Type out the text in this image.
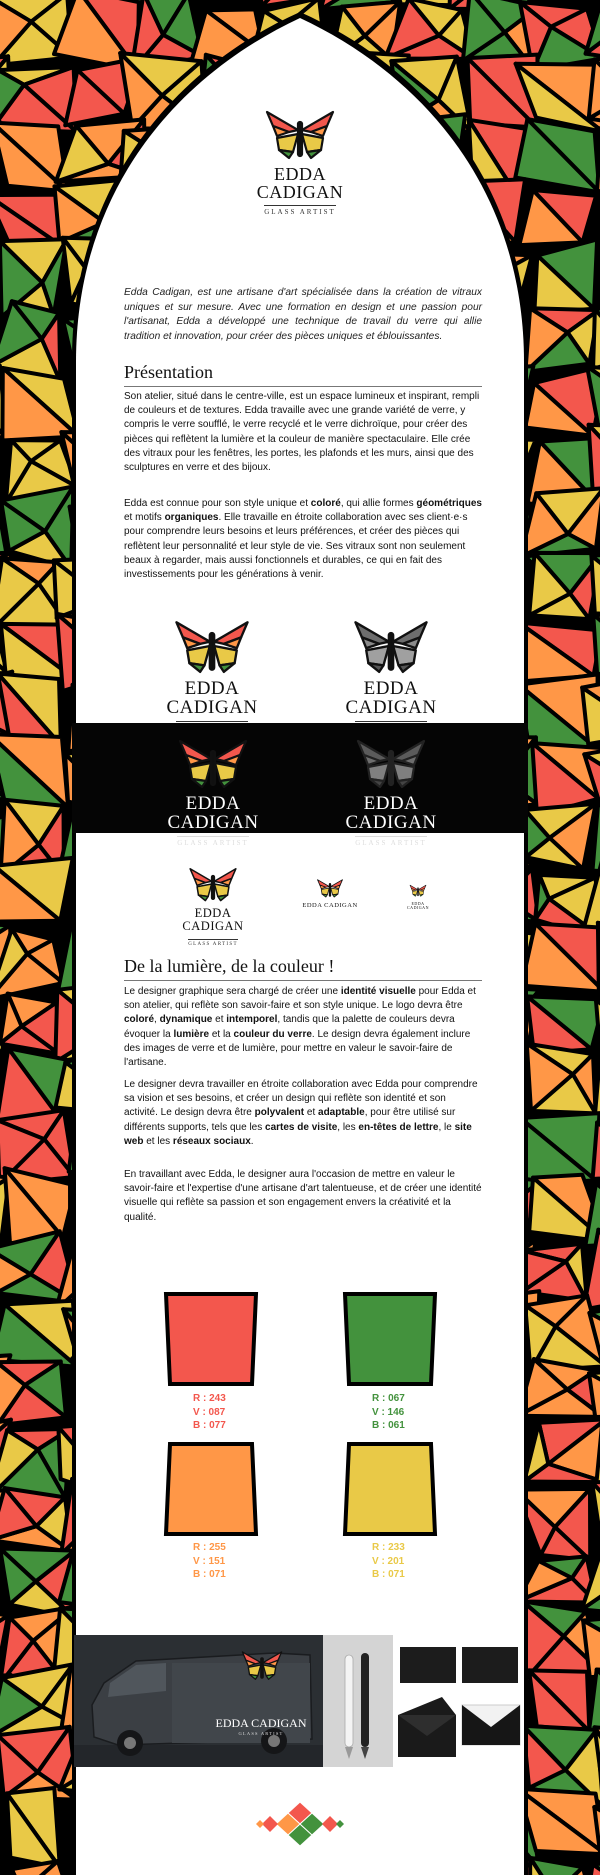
EDDA CADIGAN
GLASS ARTIST

Edda Cadigan, est une artisane d'art spécialisée dans la création de vitraux uniques et sur mesure. Avec une formation en design et une passion pour l'artisanat, Edda a développé une technique de travail du verre qui allie tradition et innovation, pour créer des pièces uniques et éblouissantes.

Présentation

Son atelier, situé dans le centre-ville, est un espace lumineux et inspirant, rempli de couleurs et de textures. Edda travaille avec une grande variété de verre, y compris le verre soufflé, le verre recyclé et le verre dichroïque, pour créer des pièces qui reflètent la lumière et la couleur de manière spectaculaire. Elle crée des vitraux pour les fenêtres, les portes, les plafonds et les murs, ainsi que des sculptures en verre et des bijoux.

Edda est connue pour son style unique et coloré, qui allie formes géométriques et motifs organiques. Elle travaille en étroite collaboration avec ses client·e·s pour comprendre leurs besoins et leurs préférences, et créer des pièces qui reflètent leur personnalité et leur style de vie. Ses vitraux sont non seulement beaux à regarder, mais aussi fonctionnels et durables, ce qui en fait des investissements pour les générations à venir.

EDDA CADIGAN
EDDA CADIGAN
EDDA CADIGAN
GLASS ARTIST
EDDA CADIGAN
GLASS ARTIST
EDDA CADIGAN
GLASS ARTIST
EDDA CADIGAN	EDDA CADIGAN
De la lumière, de la couleur !

Le designer graphique sera chargé de créer une identité visuelle pour Edda et son atelier, qui reflète son savoir-faire et son style unique. Le logo devra être coloré, dynamique et intemporel, tandis que la palette de couleurs devra évoquer la lumière et la couleur du verre. Le design devra également inclure des images de verre et de lumière, pour mettre en valeur le savoir-faire de l'artisane.

Le designer devra travailler en étroite collaboration avec Edda pour comprendre sa vision et ses besoins, et créer un design qui reflète son identité et son activité. Le design devra être polyvalent et adaptable, pour être utilisé sur différents supports, tels que les cartes de visite, les en-têtes de lettre, le site web et les réseaux sociaux.

En travaillant avec Edda, le designer aura l'occasion de mettre en valeur le savoir-faire et l'expertise d'une artisane d'art talentueuse, et de créer une identité visuelle qui reflète sa passion et son engagement envers la créativité et la qualité.

R : 243
V : 087
B : 077
R : 067
V : 146
B : 061
R : 255
V : 151
B : 071
R : 233
V : 201
B : 071
EDDA CADIGAN
GLASS ARTIST
